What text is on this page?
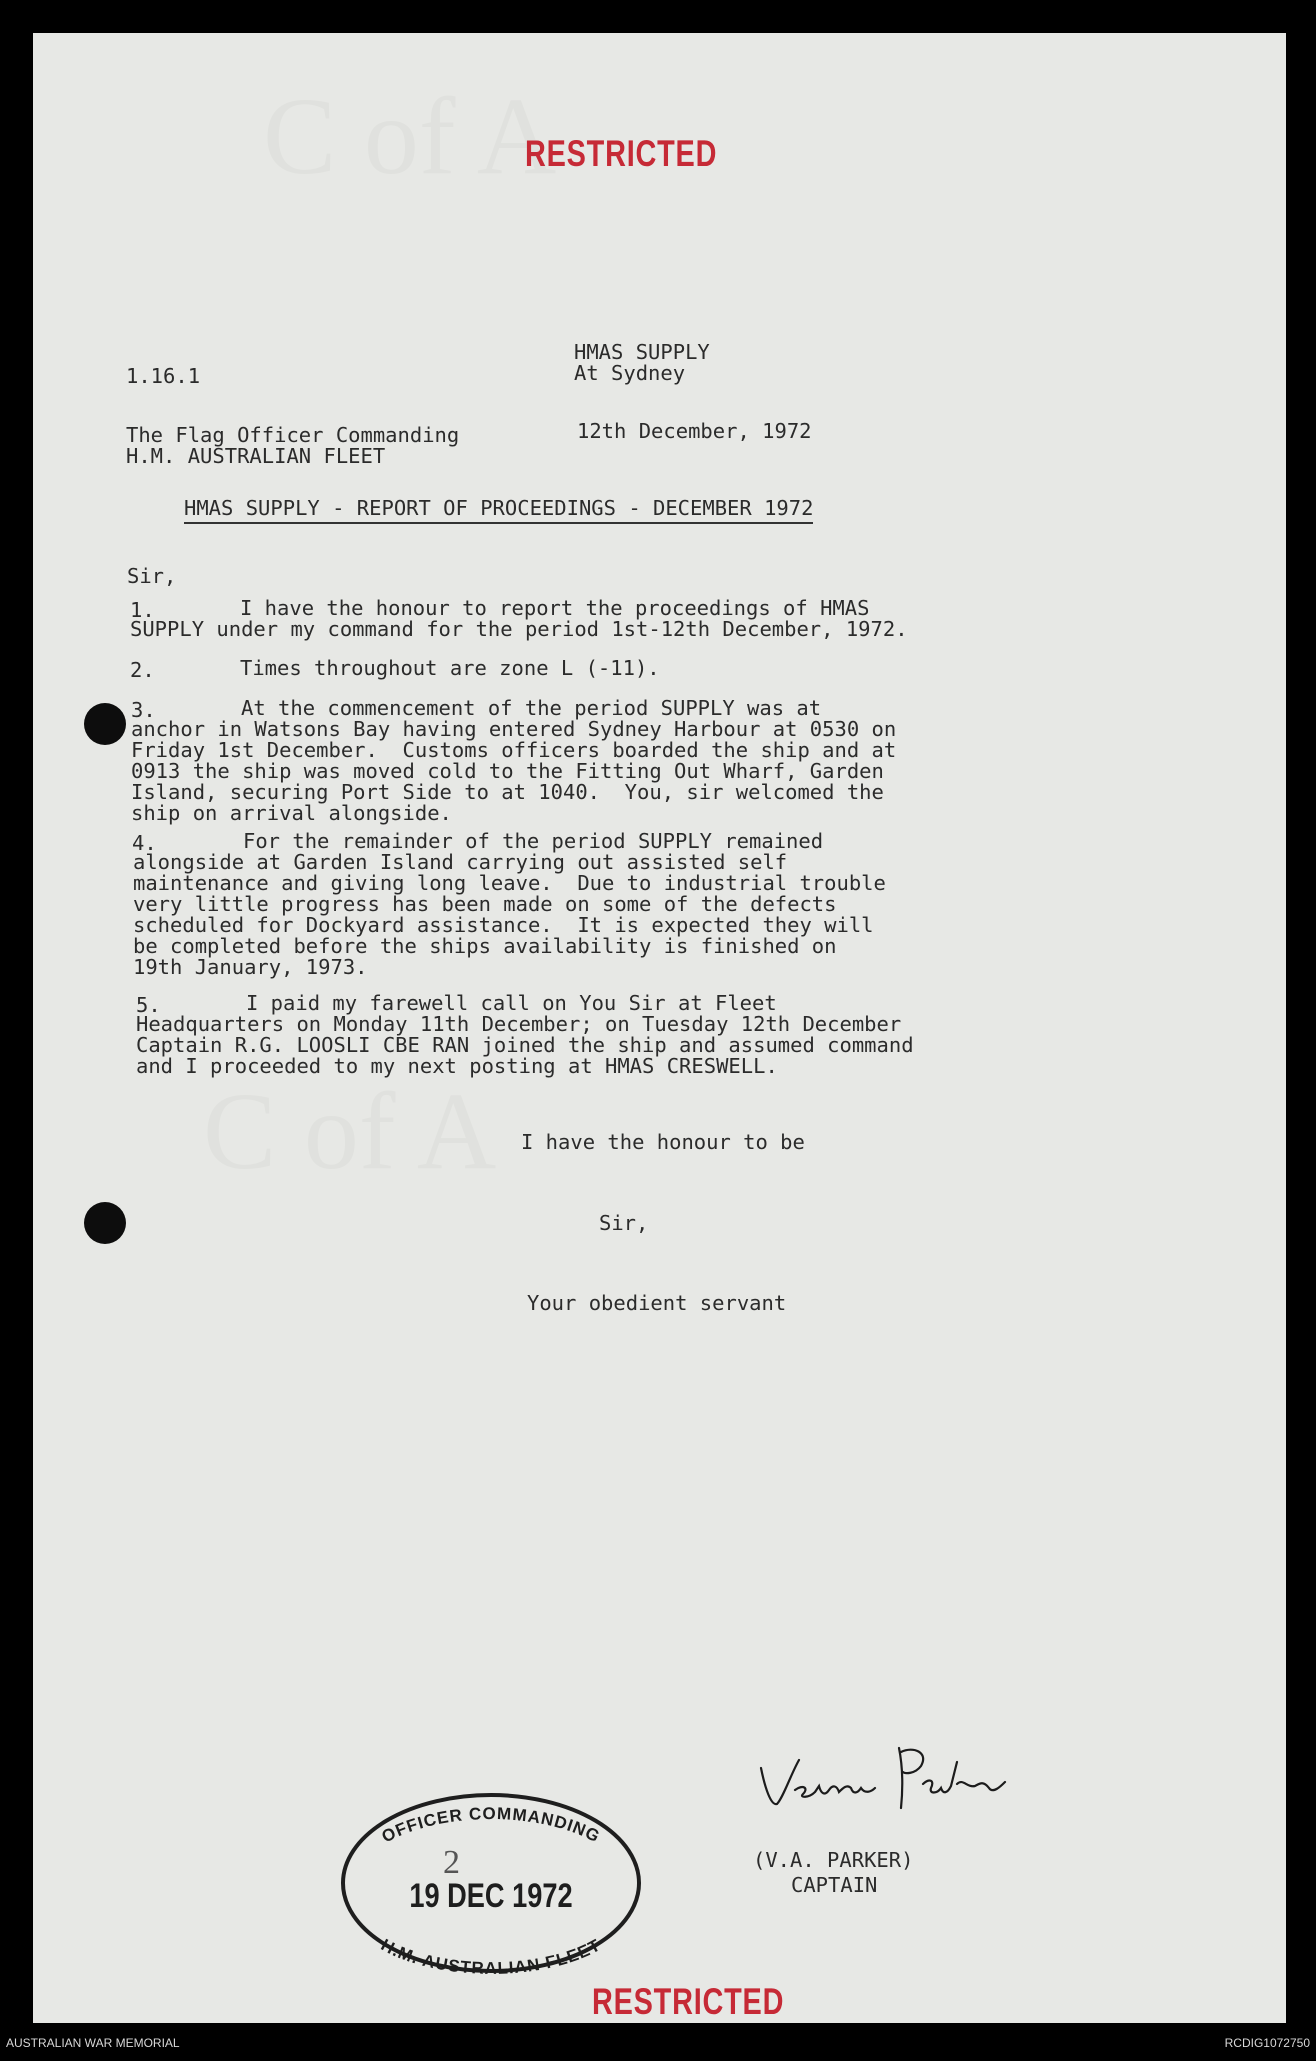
C of A
C of A
RESTRICTED
1.16.1
HMAS SUPPLY
At Sydney
The Flag Officer Commanding
H.M. AUSTRALIAN FLEET
12th December, 1972
HMAS SUPPLY - REPORT OF PROCEEDINGS - DECEMBER 1972
Sir,
1.	I have the honour to report the proceedings of HMAS
SUPPLY under my command for the period 1st-12th December, 1972.
2.	Times throughout are zone L (-11).
3.	At the commencement of the period SUPPLY was at
anchor in Watsons Bay having entered Sydney Harbour at 0530 on
Friday 1st December.  Customs officers boarded the ship and at
0913 the ship was moved cold to the Fitting Out Wharf, Garden
Island, securing Port Side to at 1040.  You, sir welcomed the
ship on arrival alongside.
4.	For the remainder of the period SUPPLY remained
alongside at Garden Island carrying out assisted self
maintenance and giving long leave.  Due to industrial trouble
very little progress has been made on some of the defects
scheduled for Dockyard assistance.  It is expected they will
be completed before the ships availability is finished on
19th January, 1973.
5.	I paid my farewell call on You Sir at Fleet
Headquarters on Monday 11th December; on Tuesday 12th December
Captain R.G. LOOSLI CBE RAN joined the ship and assumed command
and I proceeded to my next posting at HMAS CRESWELL.
I have the honour to be
Sir,
Your obedient servant
(V.A. PARKER)
CAPTAIN
OFFICER COMMANDING
2
19 DEC 1972
H.M. AUSTRALIAN FLEET
RESTRICTED
AUSTRALIAN WAR MEMORIAL	RCDIG1072750
